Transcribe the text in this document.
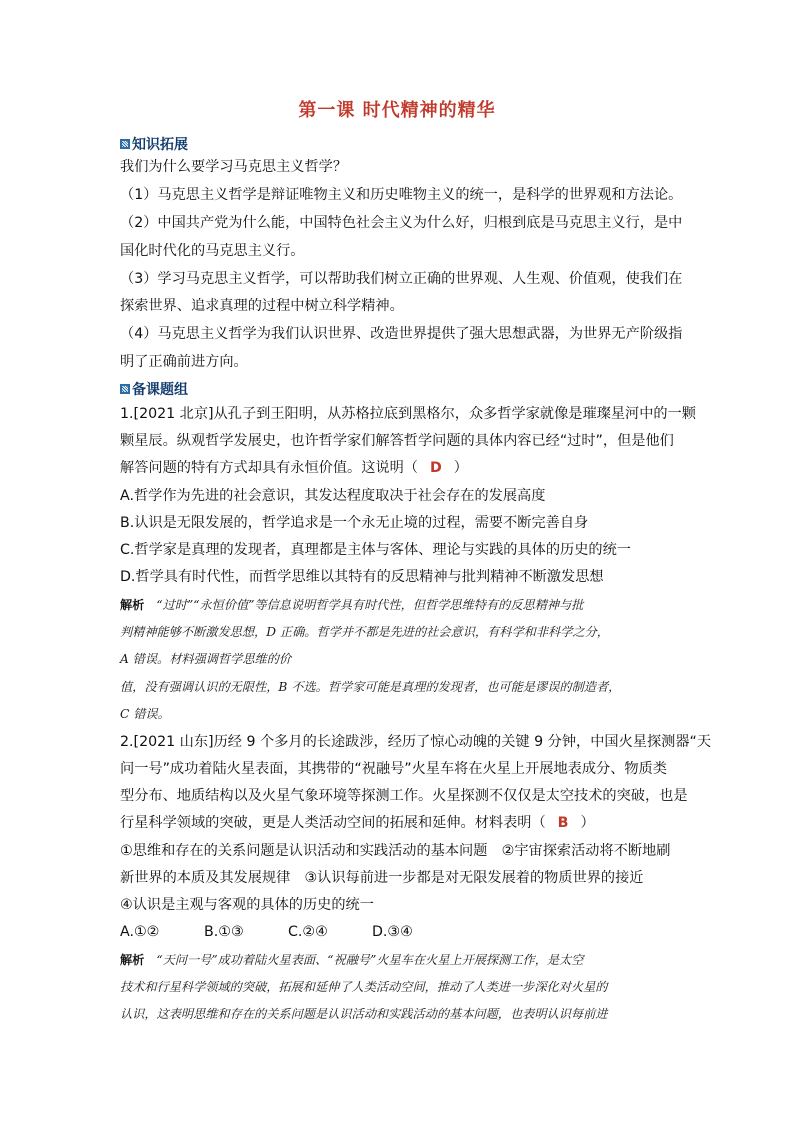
第一课 时代精神的精华
知识拓展
我们为什么要学习马克思主义哲学？
（1）马克思主义哲学是辩证唯物主义和历史唯物主义的统一，是科学的世界观和方法论。
（2）中国共产党为什么能，中国特色社会主义为什么好，归根到底是马克思主义行，是中
国化时代化的马克思主义行。
（3）学习马克思主义哲学，可以帮助我们树立正确的世界观、人生观、价值观，使我们在
探索世界、追求真理的过程中树立科学精神。
（4）马克思主义哲学为我们认识世界、改造世界提供了强大思想武器，为世界无产阶级指
明了正确前进方向。
备课题组
1.[2021 北京]从孔子到王阳明，从苏格拉底到黑格尔，众多哲学家就像是璀璨星河中的一颗
颗星辰。纵观哲学发展史，也许哲学家们解答哲学问题的具体内容已经“过时”，但是他们
解答问题的特有方式却具有永恒价值。这说明（ D ）
A.哲学作为先进的社会意识，其发达程度取决于社会存在的发展高度
B.认识是无限发展的，哲学追求是一个永无止境的过程，需要不断完善自身
C.哲学家是真理的发现者，真理都是主体与客体、理论与实践的具体的历史的统一
D.哲学具有时代性，而哲学思维以其特有的反思精神与批判精神不断激发思想
解析 “过时”“永恒价值”等信息说明哲学具有时代性，但哲学思维特有的反思精神与批
判精神能够不断激发思想，D 正确。哲学并不都是先进的社会意识，有科学和非科学之分，
A 错误。材料强调哲学思维的价
值，没有强调认识的无限性，B 不选。哲学家可能是真理的发现者，也可能是谬误的制造者，
C 错误。
2.[2021 山东]历经 9 个多月的长途跋涉，经历了惊心动魄的关键 9 分钟，中国火星探测器“天
问一号”成功着陆火星表面，其携带的“祝融号”火星车将在火星上开展地表成分、物质类
型分布、地质结构以及火星气象环境等探测工作。火星探测不仅仅是太空技术的突破，也是
行星科学领域的突破，更是人类活动空间的拓展和延伸。材料表明（ B ）
①思维和存在的关系问题是认识活动和实践活动的基本问题　②宇宙探索活动将不断地刷
新世界的本质及其发展规律　③认识每前进一步都是对无限发展着的物质世界的接近
④认识是主观与客观的具体的历史的统一
A.①②	B.①③	C.②④	D.③④
解析 “天问一号”成功着陆火星表面、“祝融号”火星车在火星上开展探测工作，是太空
技术和行星科学领域的突破，拓展和延伸了人类活动空间，推动了人类进一步深化对火星的
认识，这表明思维和存在的关系问题是认识活动和实践活动的基本问题，也表明认识每前进
